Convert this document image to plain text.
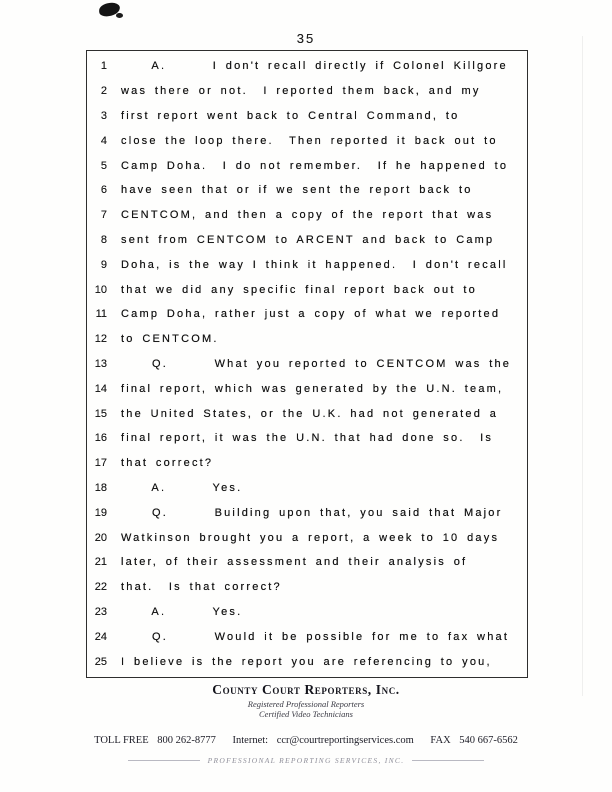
35
1 A.      I don't recall directly if Colonel Killgore
2 was there or not.  I reported them back, and my
3 first report went back to Central Command, to
4 close the loop there.  Then reported it back out to
5 Camp Doha.  I do not remember.  If he happened to
6 have seen that or if we sent the report back to
7 CENTCOM, and then a copy of the report that was
8 sent from CENTCOM to ARCENT and back to Camp
9 Doha, is the way I think it happened.  I don't recall
10 that we did any specific final report back out to
11 Camp Doha, rather just a copy of what we reported
12 to CENTCOM.
13 Q.      What you reported to CENTCOM was the
14 final report, which was generated by the U.N. team,
15 the United States, or the U.K. had not generated a
16 final report, it was the U.N. that had done so.  Is
17 that correct?
18 A.      Yes.
19 Q.      Building upon that, you said that Major
20 Watkinson brought you a report, a week to 10 days
21 later, of their assessment and their analysis of
22 that.  Is that correct?
23 A.      Yes.
24 Q.      Would it be possible for me to fax what
25 I believe is the report you are referencing to you,
County Court Reporters, Inc.
Registered Professional Reporters
Certified Video Technicians
TOLL FREE 800 262-8777 Internet: ccr@courtreportingservices.com FAX 540 667-6562
PROFESSIONAL REPORTING SERVICES, INC.
